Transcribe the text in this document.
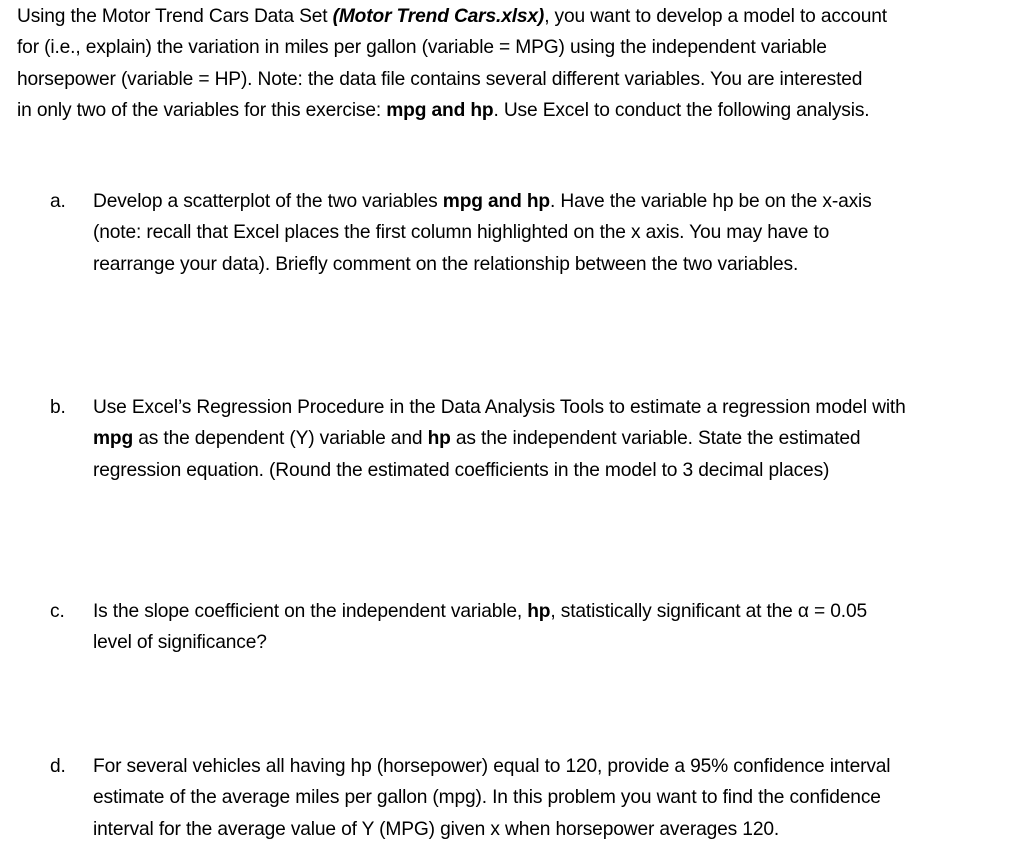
Using the Motor Trend Cars Data Set (Motor Trend Cars.xlsx), you want to develop a model to account
for (i.e., explain) the variation in miles per gallon (variable = MPG) using the independent variable
horsepower (variable = HP). Note: the data file contains several different variables. You are interested
in only two of the variables for this exercise: mpg and hp. Use Excel to conduct the following analysis.
a. Develop a scatterplot of the two variables mpg and hp. Have the variable hp be on the x-axis
(note: recall that Excel places the first column highlighted on the x axis. You may have to
rearrange your data). Briefly comment on the relationship between the two variables.
b. Use Excel’s Regression Procedure in the Data Analysis Tools to estimate a regression model with
mpg as the dependent (Y) variable and hp as the independent variable. State the estimated
regression equation. (Round the estimated coefficients in the model to 3 decimal places)
c. Is the slope coefficient on the independent variable, hp, statistically significant at the α = 0.05
level of significance?
d. For several vehicles all having hp (horsepower) equal to 120, provide a 95% confidence interval
estimate of the average miles per gallon (mpg). In this problem you want to find the confidence
interval for the average value of Y (MPG) given x when horsepower averages 120.
